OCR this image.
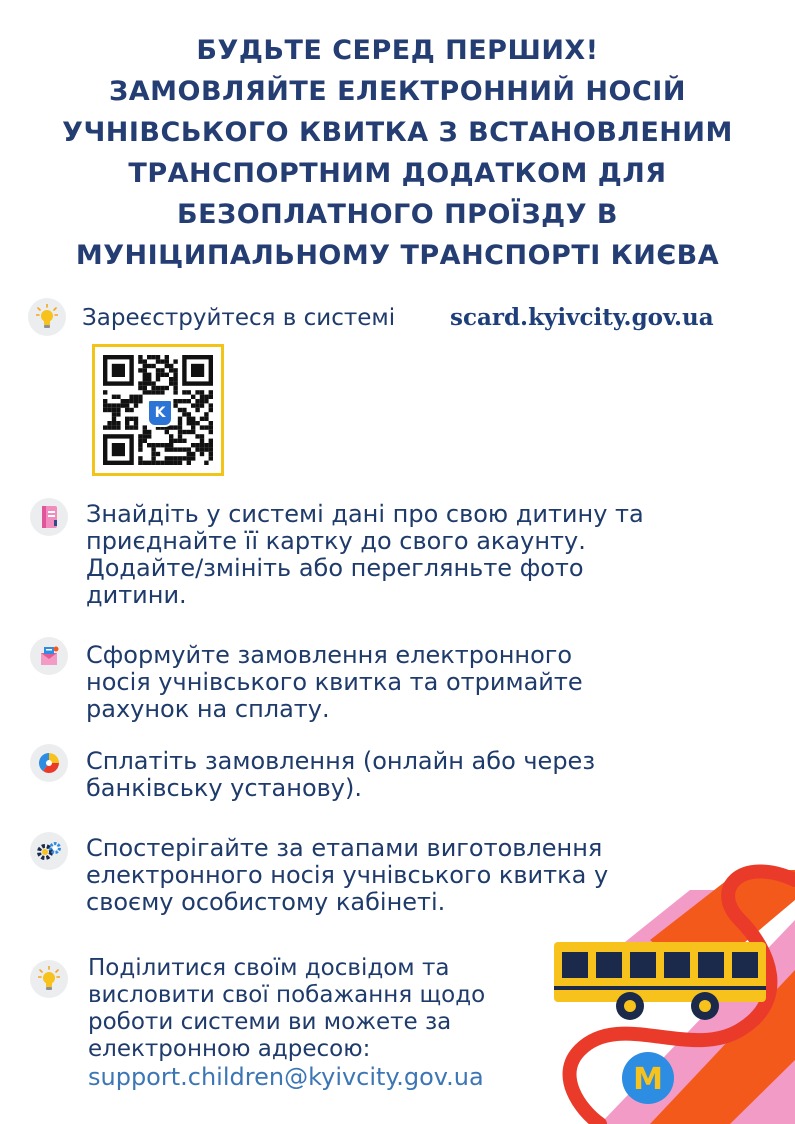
БУДЬТЕ СЕРЕД ПЕРШИХ!
ЗАМОВЛЯЙТЕ ЕЛЕКТРОННИЙ НОСІЙ
УЧНІВСЬКОГО КВИТКА З ВСТАНОВЛЕНИМ
ТРАНСПОРТНИМ ДОДАТКОМ ДЛЯ
БЕЗОПЛАТНОГО ПРОЇЗДУ В
МУНІЦИПАЛЬНОМУ ТРАНСПОРТІ КИЄВА
Зареєструйтеся в системі scard.kyivcity.gov.ua
K
Знайдіть у системі дані про свою дитину та
приєднайте її картку до свого акаунту.
Додайте/змініть або перегляньте фото
дитини.
Сформуйте замовлення електронного
носія учнівського квитка та отримайте
рахунок на сплату.
Сплатіть замовлення (онлайн або через
банківську установу).
Спостерігайте за етапами виготовлення
електронного носія учнівського квитка у
своєму особистому кабінеті.
Поділитися своїм досвідом та
висловити свої побажання щодо
роботи системи ви можете за
електронною адресою:
support.children@kyivcity.gov.ua	М
